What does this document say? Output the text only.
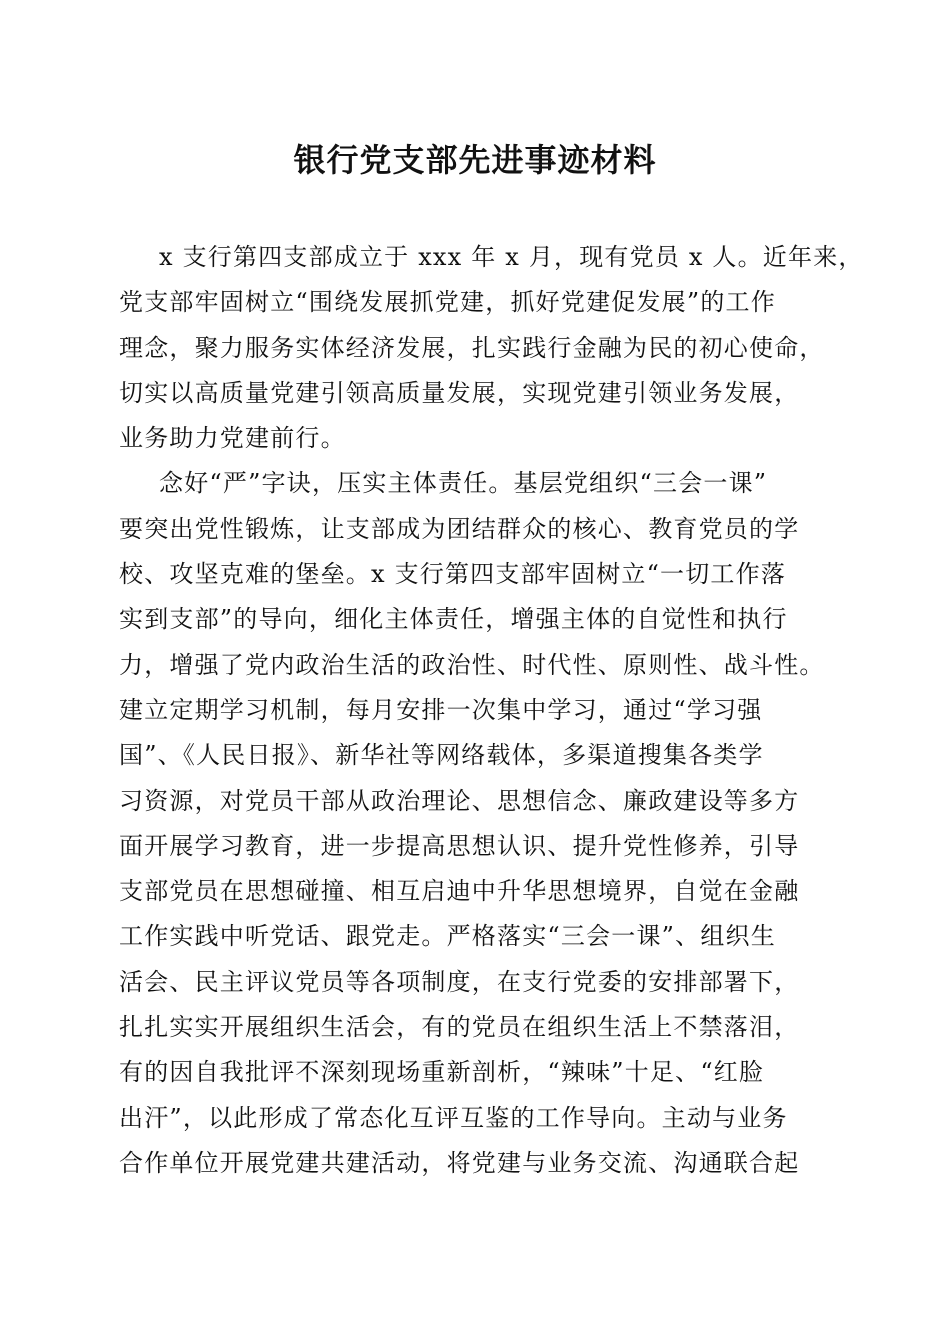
银行党支部先进事迹材料
x 支行第四支部成立于 xxx 年 x 月，现有党员 x 人。近年来，
党支部牢固树立“围绕发展抓党建，抓好党建促发展”的工作
理念，聚力服务实体经济发展，扎实践行金融为民的初心使命，
切实以高质量党建引领高质量发展，实现党建引领业务发展，
业务助力党建前行。
念好“严”字诀，压实主体责任。基层党组织“三会一课”
要突出党性锻炼，让支部成为团结群众的核心、教育党员的学
校、攻坚克难的堡垒。x 支行第四支部牢固树立“一切工作落
实到支部”的导向，细化主体责任，增强主体的自觉性和执行
力，增强了党内政治生活的政治性、时代性、原则性、战斗性。
建立定期学习机制，每月安排一次集中学习，通过“学习强
国”、《人民日报》、新华社等网络载体，多渠道搜集各类学
习资源，对党员干部从政治理论、思想信念、廉政建设等多方
面开展学习教育，进一步提高思想认识、提升党性修养，引导
支部党员在思想碰撞、相互启迪中升华思想境界，自觉在金融
工作实践中听党话、跟党走。严格落实“三会一课”、组织生
活会、民主评议党员等各项制度，在支行党委的安排部署下，
扎扎实实开展组织生活会，有的党员在组织生活上不禁落泪，
有的因自我批评不深刻现场重新剖析，“辣味”十足、“红脸
出汗”，以此形成了常态化互评互鉴的工作导向。主动与业务
合作单位开展党建共建活动，将党建与业务交流、沟通联合起
